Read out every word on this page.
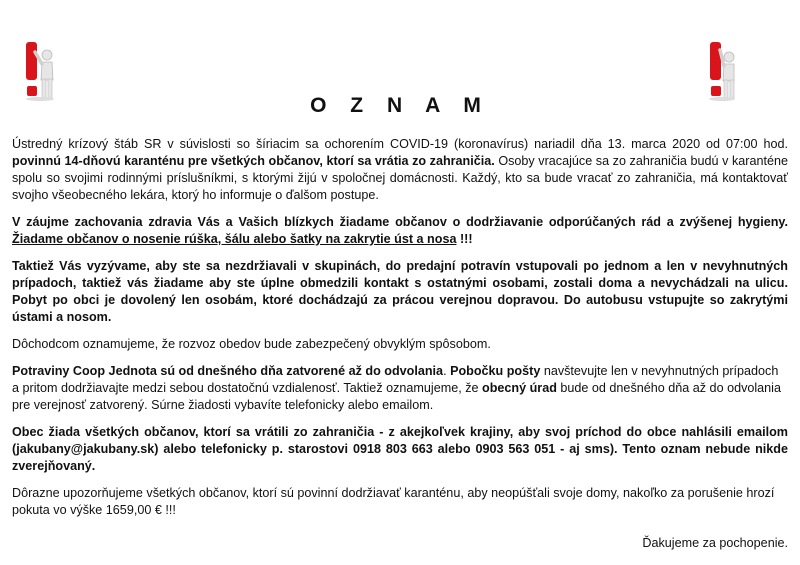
O Z N A M

Ústredný krízový štáb SR v súvislosti so šíriacim sa ochorením COVID-19 (koronavírus) nariadil dňa 13. marca 2020 od 07:00 hod. povinnú 14-dňovú karanténu pre všetkých občanov, ktorí sa vrátia zo zahraničia. Osoby vracajúce sa zo zahraničia budú v karanténe spolu so svojimi rodinnými príslušníkmi, s ktorými žijú v spoločnej domácnosti. Každý, kto sa bude vracať zo zahraničia, má kontaktovať svojho všeobecného lekára, ktorý ho informuje o ďalšom postupe.

V záujme zachovania zdravia Vás a Vašich blízkych žiadame občanov o dodržiavanie odporúčaných rád a zvýšenej hygieny. Žiadame občanov o nosenie rúška, šálu alebo šatky na zakrytie úst a nosa !!!

Taktiež Vás vyzývame, aby ste sa nezdržiavali v skupinách, do predajní potravín vstupovali po jednom a len v nevyhnutných prípadoch, taktiež vás žiadame aby ste úplne obmedzili kontakt s ostatnými osobami, zostali doma a nevychádzali na ulicu. Pobyt po obci je dovolený len osobám, ktoré dochádzajú za prácou verejnou dopravou. Do autobusu vstupujte so zakrytými ústami a nosom.

Dôchodcom oznamujeme, že rozvoz obedov bude zabezpečený obvyklým spôsobom.

Potraviny Coop Jednota sú od dnešného dňa zatvorené až do odvolania. Pobočku pošty navštevujte len v nevyhnutných prípadoch a pritom dodržiavajte medzi sebou dostatočnú vzdialenosť. Taktiež oznamujeme, že obecný úrad bude od dnešného dňa až do odvolania pre verejnosť zatvorený. Súrne žiadosti vybavíte telefonicky alebo emailom.

Obec žiada všetkých občanov, ktorí sa vrátili zo zahraničia - z akejkoľvek krajiny, aby svoj príchod do obce nahlásili emailom (jakubany@jakubany.sk) alebo telefonicky p. starostovi 0918 803 663 alebo 0903 563 051 - aj sms). Tento oznam nebude nikde zverejňovaný.

Dôrazne upozorňujeme všetkých občanov, ktorí sú povinní dodržiavať karanténu, aby neopúšťali svoje domy, nakoľko za porušenie hrozí pokuta vo výške 1659,00 € !!!

Ďakujeme za pochopenie.
